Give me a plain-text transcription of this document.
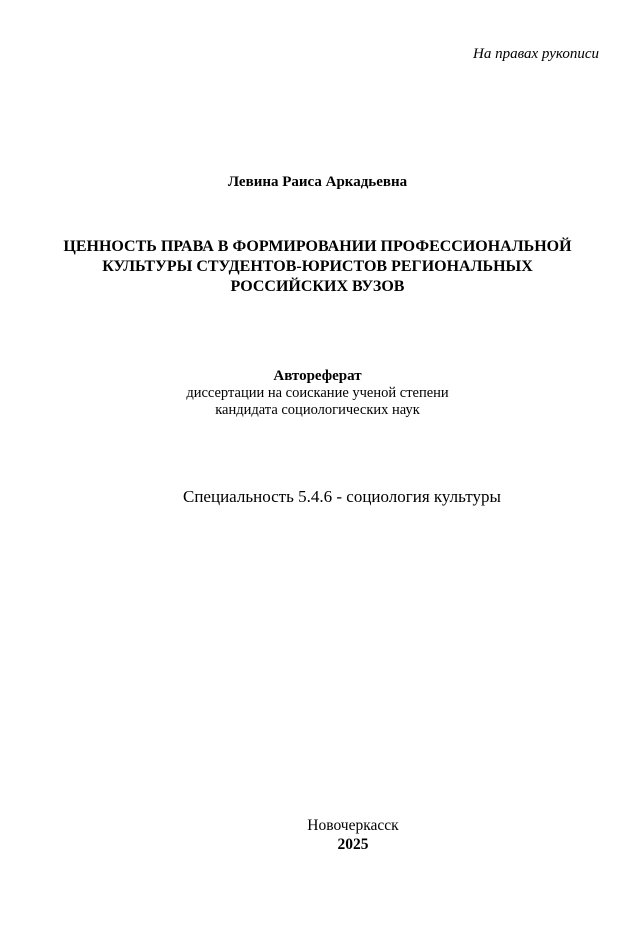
На правах рукописи
Левина Раиса Аркадьевна
ЦЕННОСТЬ ПРАВА В ФОРМИРОВАНИИ ПРОФЕССИОНАЛЬНОЙ
КУЛЬТУРЫ СТУДЕНТОВ-ЮРИСТОВ РЕГИОНАЛЬНЫХ
РОССИЙСКИХ ВУЗОВ
Автореферат
диссертации на соискание ученой степени
кандидата социологических наук
Специальность 5.4.6 - социология культуры
Новочеркасск
2025
